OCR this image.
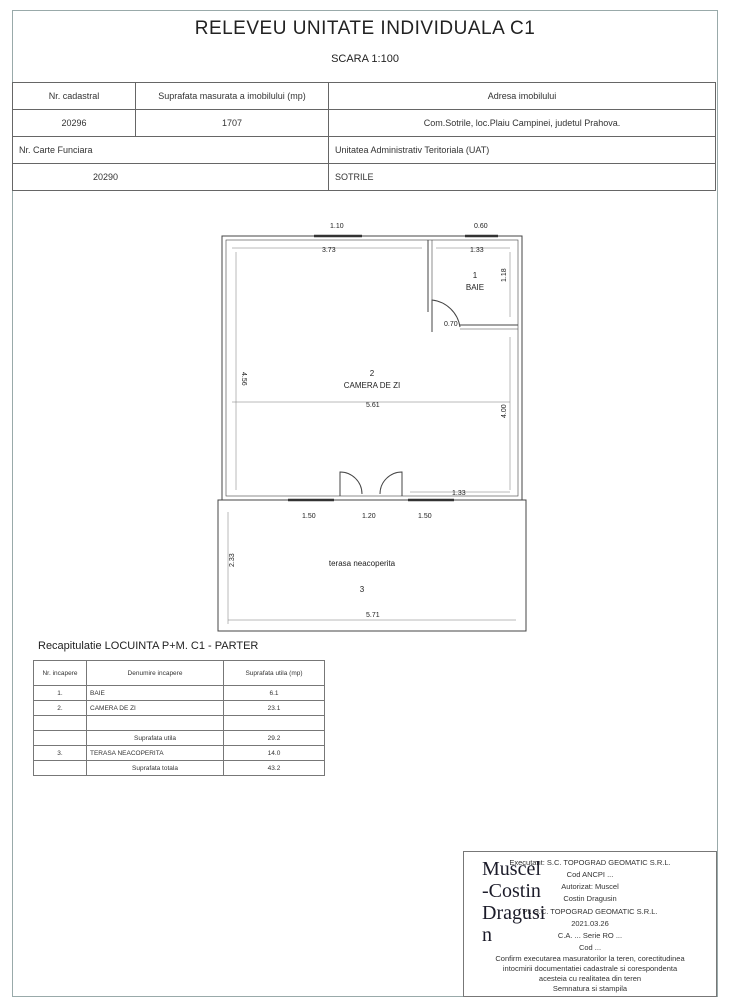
RELEVEU UNITATE INDIVIDUALA C1
SCARA 1:100
Nr. cadastral	Suprafata masurata a imobilului (mp)	Adresa imobilului
20296	1707	Com.Sotrile, loc.Plaiu Campinei, judetul Prahova.
Nr. Carte Funciara		Unitatea Administrativ Teritoriala (UAT)
20290		SOTRILE
1.10	0.60
3.73	1.33
1.18
0.70
4.56
5.61	4.00
1.50	1.20	1.50
1.33
2.33
5.71
1
BAIE
2
CAMERA DE ZI
terasa neacoperita
3
Recapitulatie LOCUINTA P+M. C1 - PARTER
Nr. incapere	Denumire incapere	Suprafata utila (mp)
1.	BAIE	6.1
2.	CAMERA DE ZI	23.1

	Suprafata utila	29.2
3.	TERASA NEACOPERITA	14.0
	Suprafata totala	43.2
Executant: S.C. TOPOGRAD GEOMATIC S.R.L.
Cod ANCPI ...
Autorizat: Muscel
Costin Dragusin
Pt. S.C. TOPOGRAD GEOMATIC S.R.L.
2021.03.26
C.A. ... Serie RO ...
Cod ...
Confirm executarea masuratorilor la teren, corectitudinea
intocmirii documentatiei cadastrale si corespondenta
acesteia cu realitatea din teren
Semnatura si stampila
Muscel
-Costin
Dragusi
n
